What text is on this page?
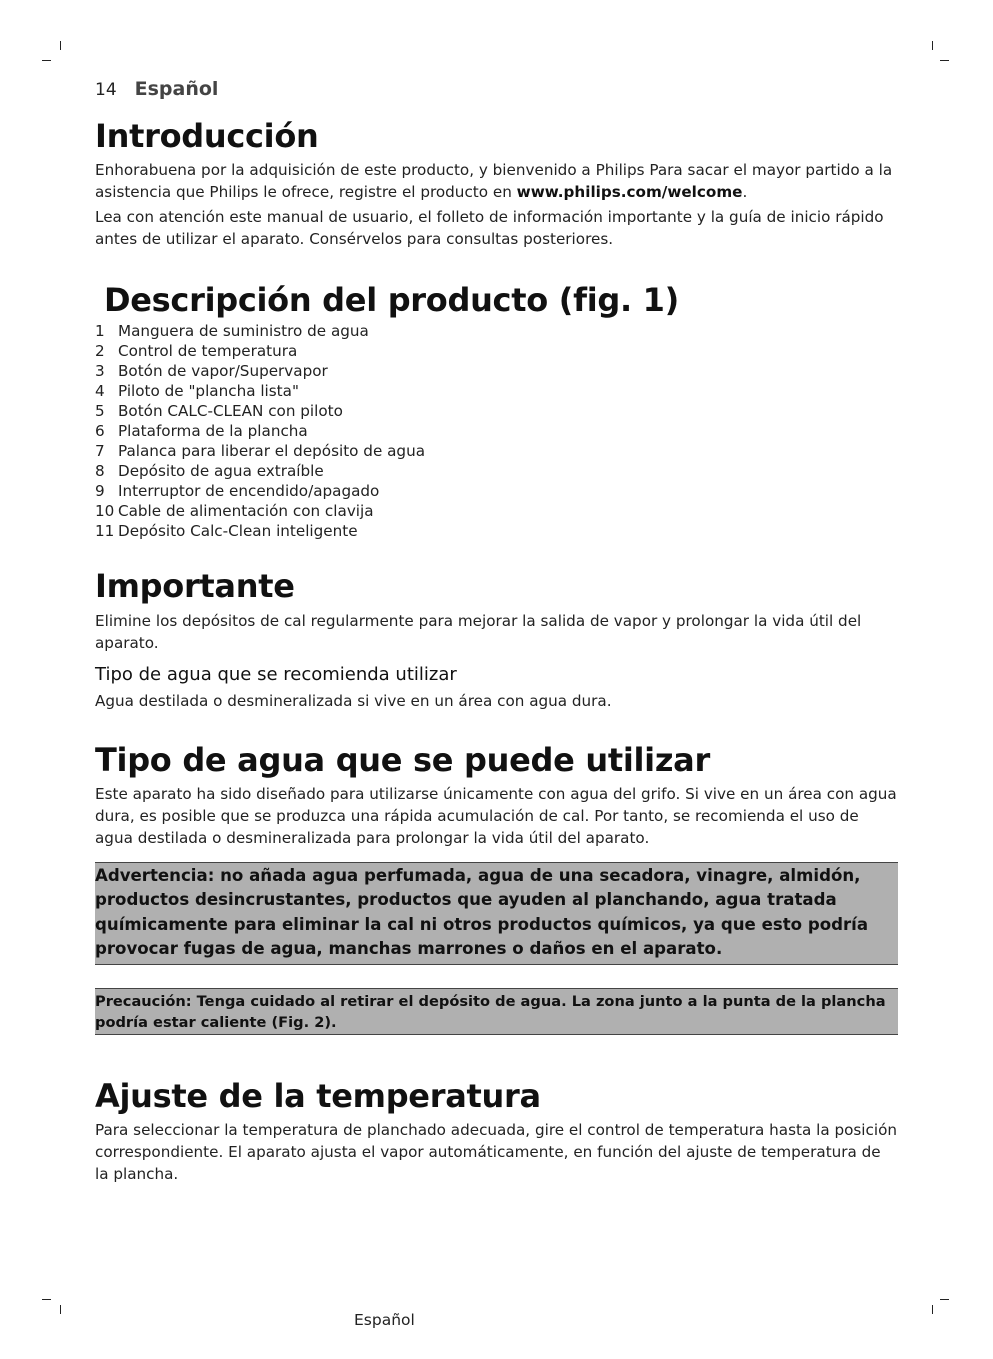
14 Español
Introducción

Enhorabuena por la adquisición de este producto, y bienvenido a Philips Para sacar el mayor partido a la asistencia que Philips le ofrece, registre el producto en www.philips.com/welcome.

Lea con atención este manual de usuario, el folleto de información importante y la guía de inicio rápido antes de utilizar el aparato. Consérvelos para consultas posteriores.

Descripción del producto (fig. 1)
1 Manguera de suministro de agua
2 Control de temperatura
3 Botón de vapor/Supervapor
4 Piloto de "plancha lista"
5 Botón CALC-CLEAN con piloto
6 Plataforma de la plancha
7 Palanca para liberar el depósito de agua
8 Depósito de agua extraíble
9 Interruptor de encendido/apagado
10 Cable de alimentación con clavija
11 Depósito Calc-Clean inteligente
Importante

Elimine los depósitos de cal regularmente para mejorar la salida de vapor y prolongar la vida útil del aparato.

Tipo de agua que se recomienda utilizar

Agua destilada o desmineralizada si vive en un área con agua dura.

Tipo de agua que se puede utilizar

Este aparato ha sido diseñado para utilizarse únicamente con agua del grifo. Si vive en un área con agua dura, es posible que se produzca una rápida acumulación de cal. Por tanto, se recomienda el uso de agua destilada o desmineralizada para prolongar la vida útil del aparato.

Advertencia: no añada agua perfumada, agua de una secadora, vinagre, almidón, productos desincrustantes, productos que ayuden al planchando, agua tratada químicamente para eliminar la cal ni otros productos químicos, ya que esto podría provocar fugas de agua, manchas marrones o daños en el aparato.
Precaución: Tenga cuidado al retirar el depósito de agua. La zona junto a la punta de la plancha podría estar caliente (Fig. 2).
Ajuste de la temperatura

Para seleccionar la temperatura de planchado adecuada, gire el control de temperatura hasta la posición correspondiente. El aparato ajusta el vapor automáticamente, en función del ajuste de temperatura de la plancha.

Español
